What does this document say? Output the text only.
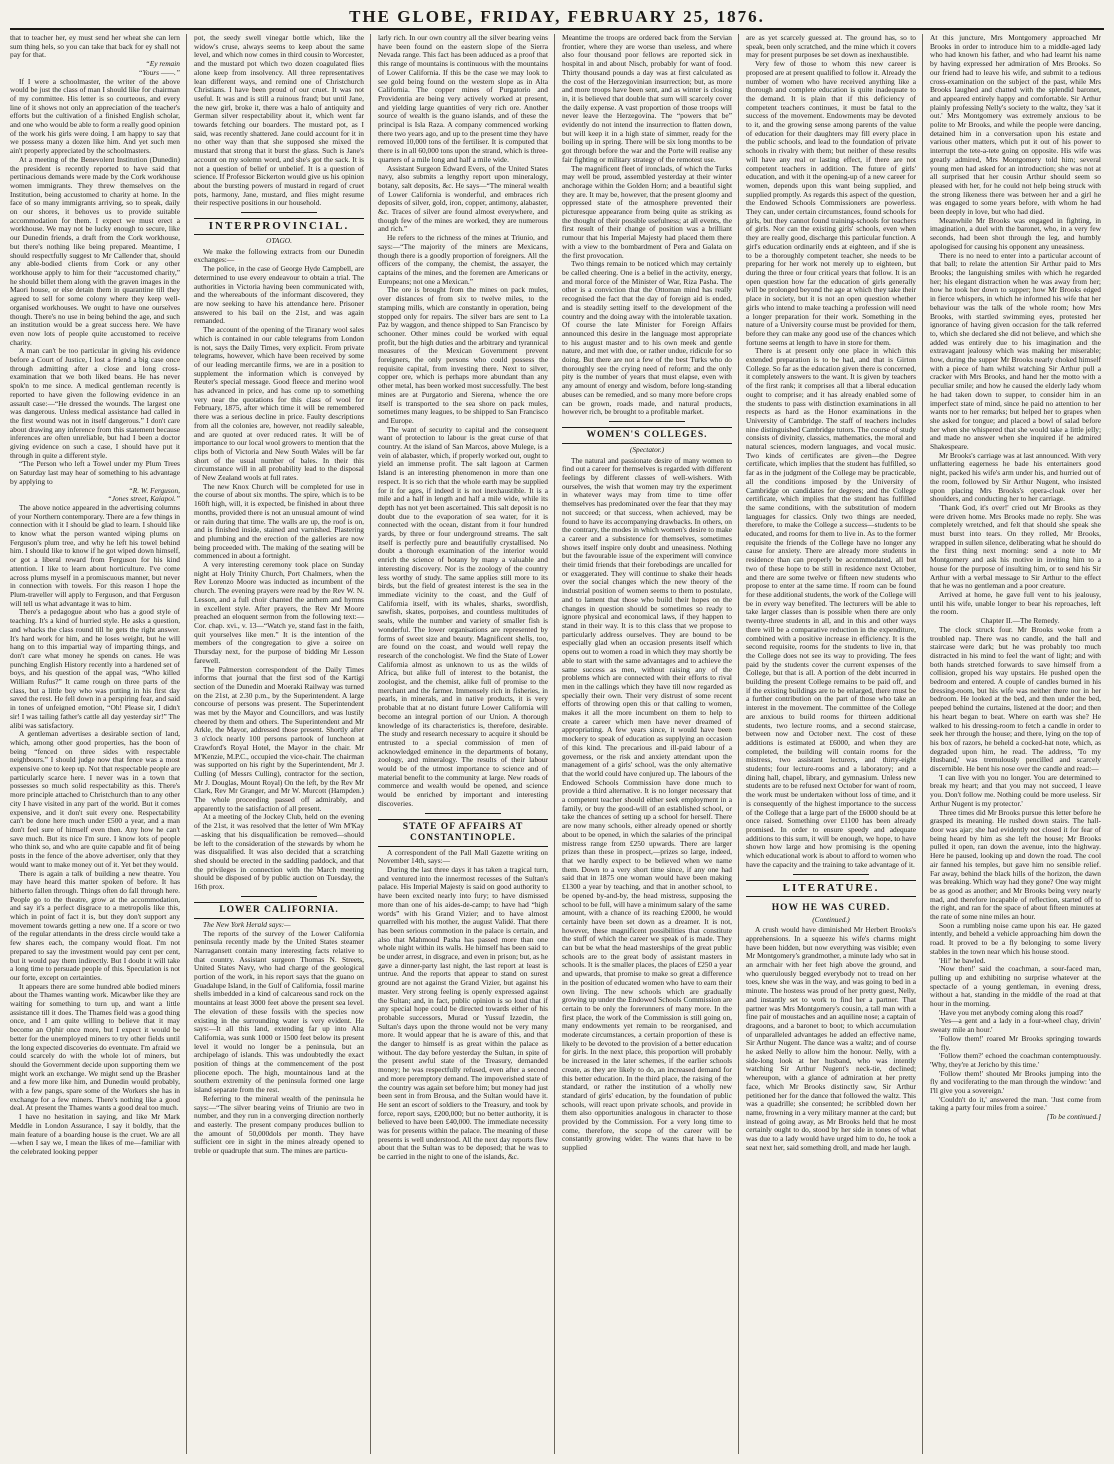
THE GLOBE, FRIDAY, FEBRUARY 25, 1876.

that to teacher her, ey must send her wheat she can lern sum thing hels, so you can take that back for ey shall not pay for that.

“Ey remain

“Yours ——.”

If I were a schoolmaster, the writer of the above would be just the class of man I should like for chairman of my committee. His letter is so courteous, and every line of it shows not only an appreciation of the teacher's efforts but the cultivation of a finished English scholar, and one who would be able to form a really good opinion of the work his girls were doing. I am happy to say that we possess many a dozen like him. And yet such men ain't properly appreciated by the schoolmasters.

At a meeting of the Benevolent Institution (Dunedin) the president is recently reported to have said that pertinacious demands were made by the Cork workhouse women immigrants. They threw themselves on the Institution, being accustomed to charity at home. In the face of so many immigrants arriving, so to speak, daily on our shores, it behoves us to provide suitable accommodation for them. I expect we must erect a workhouse. We may not be lucky enough to secure, like our Dunedin friends, a draft from the Cork workhouse, but there's nothing like being prepared. Meantime, I should respectfully suggest to Mr Callender that, should any able-bodied clients from Cork or any other workhouse apply to him for their “accustomed charity,” he should billet them along with the graven images in the Maori house, or else detain them in quarantine till they agreed to sell for some colony where they keep well-organised workhouses. We ought to have one ourselves though. There's no use in being behind the age, and such an institution would be a great success here. We have even now lots of people quite accustomed to receive charity.

A man can't be too particular in giving his evidence before a Court of Justice, I lost a friend a big case once through admitting after a close and long cross-examination that we both liked beans. He has never spok'n to me since. A medical gentleman recently is reported to have given the following evidence in an assault case:—“He dressed the wounds. The largest one was dangerous. Unless medical assistance had called in the first wound was not in itself dangerous.” I don't care about drawing any inference from this statement because inferences are often unreliable, but had I been a doctor giving evidence on such a case, I should have put it through in quite a different style.

“The Person who left a Towel under my Plum Trees on Saturday last may hear of something to his advantage by applying to

“R. W. Ferguson,

“Jones street, Kaiapoi.”

The above notice appeared in the advertising columns of your Northern contemporary. There are a few things in connection with it I should be glad to learn. I should like to know what the person wanted wiping plums on Ferguson's plum tree, and why he left his towel behind him. I should like to know if he got wiped down himself, or got a liberal reward from Ferguson for his kind attention. I like to learn about horticulture. I've come across plums myself in a promiscuous manner, but never in connection with towels. For this reason I hope the Plum-traveller will apply to Ferguson, and that Ferguson will tell us what advantage it was to him.

There's a pedagogue about who has a good style of teaching. It's a kind of hurried style. He asks a question, and whacks the class round till he gets the right answer. It's hard work for him, and he loses weight, but he will hang on to this impartial way of imparting things, and don't care what money he spends on canes. He was punching English History recently into a hardened set of boys, and his question of the appal was, “Who killed William Rufus?” It came rough on three parts of the class, but a little boy who was putting in his first day saved the rest. He fell down in a perspiring fear, and said in tones of unfeigned emotion, “Oh! Please sir, I didn't sir! I was tailing father's cattle all day yesterday sir!” The alibi was satisfactory.

A gentleman advertises a desirable section of land, which, among other good properties, has the boon of being “fenced on three sides with respectable neighbours.” I should judge now that fence was a most expensive one to keep up. Not that respectable people are particularly scarce here. I never was in a town that possesses so much solid respectability as this. There's more principle attached to Christchurch than to any other city I have visited in any part of the world. But it comes expensive, and it don't suit every one. Respectability can't be done here much under £500 a year, and a man don't feel sure of himself even then. Any how he can't save much. But its nice I'm sure. I know lots of people who think so, and who are quite capable and fit of being posts in the fence of the above advertiser, only that they would want to make money out of it. Yet bet they would.

There is again a talk of building a new theatre. You may have heard this matter spoken of before. It has hitherto fallen through. Things often do fall through here. People go to the theatre, grow at the accommodation, and say it's a perfect disgrace to a metropolis like this, which in point of fact it is, but they don't support any movement towards getting a new one. If a score or two of the regular attendants in the dress circle would take a few shares each, the company would float. I'm not prepared to say the investment would pay cent per cent, but it would pay them indirectly. But I doubt it will take a long time to persuade people of this. Speculation is not our forte, except on certainties.

It appears there are some hundred able bodied miners about the Thames wanting work. Micawber like they are waiting for something to turn up, and want a little assistance till it does. The Thames field was a good thing once, and I am quite willing to believe that it may become an Ophir once more, but I expect it would be better for the unemployed miners to try other fields until the long expected discoveries do eventuate. I'm afraid we could scarcely do with the whole lot of miners, but should the Government decide upon supporting them we might work an exchange. We might send up the Brasher and a few more like him, and Dunedin would probably, with a few pangs, spare some of the Workers she has in exchange for a few miners. There's nothing like a good deal. At present the Thames wants a good deal too much.

I have no hesitation in saying, and like Mr Mark Meddle in London Assurance, I say it boldly, that the main feature of a boarding house is the cruet. We are all—when I say we, I mean the likes of me—familiar with the celebrated looking pepper

pot, the seedy swell vinegar bottle which, like the widow's cruse, always seems to keep about the same level, and which now comes in third cousin to Worcester, and the mustard pot which two dozen coagulated flies alone keep from insolvency. All three representatives lean different ways, and remind one of Christchurch Christians. I have been proud of our cruet. It was not useful. It was and is still a ruinous fraud; but until Jane, the new girl, broke it, there was a halo of antiquity and German silver respectability about it, which went far towards fetching our boarders. The mustard pot, as I said, was recently shattered. Jane could account for it in no other way than that she supposed she mixed the mustard that strong that it burst the glass. Such is Jane's account on my solemn word, and she's got the sack. It is not a question of belief or unbelief. It is a question of science. If Professor Bickerton would give us his opinion about the bursting powers of mustard in regard of cruet pots, harmony, Jane, mustard, and flies might resume their respective positions in our household.

INTERPROVINCIAL.
OTAGO.

We make the following extracts from our Dunedin exchanges:—

The police, in the case of George Hyde Campbell, are determined to use every endeavour to obtain a trial. The authorities in Victoria having been communicated with, and the whereabouts of the informant discovered, they are now seeking to have his attendance here. Prisoner answered to his bail on the 21st, and was again remanded.

The account of the opening of the Tiranary wool sales which is contained in our cable telegrams from London is not, says the Daily Times, very explicit. From private telegrams, however, which have been received by some of our leading mercantile firms, we are in a position to supplement the information which is conveyed by Reuter's special message. Good fleece and merino wool has advanced in price, and has come up to something very near the quotations for this class of wool for February, 1875, after which time it will be remembered there was a serious decline in price. Faulty descriptions from all the colonies are, however, not readily saleable, and are quoted at over reduced rates. It will be of importance to our local wool growers to mention that the clips both of Victoria and New South Wales will be far short of the usual number of bales. In their this circumstance will in all probability lead to the disposal of New Zealand wools at full rates.

The new Knox Church will be completed for use in the course of about six months. The spire, which is to be 160ft high, will, it is expected, be finished in about three months, provided there is not an unusual amount of wind or rain during that time. The walls are up, the roof is on, and is finished inside, stained and varnished. Plastering and plumbing and the erection of the galleries are now being proceeded with. The making of the seating will be commenced in about a fortnight.

A very interesting ceremony took place on Sunday night at Holy Trinity Church, Port Chalmers, when the Rev Lorenzo Moore was inducted as incumbent of the church. The evening prayers were read by the Rev W. N. Lesson, and a full choir chanted the anthem and hymns in excellent style. After prayers, the Rev Mr Moore preached an eloquent sermon from the following text:—Cor. chap. xvi., v. 13—“Watch ye, stand fast in the faith, quit yourselves like men.” It is the intention of the members of the congregation to give a soiree on Thursday next, for the purpose of bidding Mr Lesson farewell.

The Palmerston correspondent of the Daily Times informs that journal that the first sod of the Kartigi section of the Dunedin and Moeraki Railway was turned on the 21st, at 2.30 p.m., by the Superintendent. A large concourse of persons was present. The Superintendent was met by the Mayor and Councillors, and was lustily cheered by them and others. The Superintendent and Mr Arkle, the Mayor, addressed those present. Shortly after 3 o'clock nearly 100 persons partook of luncheon at Crawford's Royal Hotel, the Mayor in the chair. Mr M'Kenzie, M.P.C., occupied the vice-chair. The chairman was supported on his right by the Superintendent, Mr J. Culling (of Messrs Culling), contractor for the section, Mr J. Douglas, Mount Royal) On the left, by the Rev Mr Clark, Rev Mr Granger, and Mr W. Murcott (Hampden.) The whole proceeding passed off admirably, and apparently to the satisfaction of all present.

At a meeting of the Jockey Club, held on the evening of the 21st, it was resolved that the letter of Wm M'Kay—asking that his disqualification be removed—should be left to the consideration of the stewards by whom he was disqualified. It was also decided that a scratching shed should be erected in the saddling paddock, and that the privileges in connection with the March meeting should be disposed of by public auction on Tuesday, the 16th prox.

LOWER CALIFORNIA.

The New York Herald says:—

The reports of the survey of the Lower California peninsula recently made by the United States steamer Narragansett contain many interesting facts relative to that country. Assistant surgeon Thomas N. Streets, United States Navy, who had charge of the geological portion of the work, in his report says that the guano on Guadalupe Island, in the Gulf of California, fossil marine shells imbedded in a kind of calcareous sand rock on the mountains at least 3000 feet above the present sea level. The elevation of these fossils with the species now existing in the surrounding water is very evident. He says:—It all this land, extending far up into Alta California, was sunk 1000 or 1500 feet below its present level it would no longer be a peninsula, but an archipelago of islands. This was undoubtedly the exact position of things at the commencement of the post pliocene epoch. The high, mountainous land at the southern extremity of the peninsula formed one large island separate from the rest.

Referring to the mineral wealth of the peninsula he says:—“The silver bearing veins of Triunio are two in number, and they run in a converging direction northerly and easterly. The present company produces bullion to the amount of 50,000dols per month. They have sufficient ore in sight in the mines already opened to treble or quadruple that sum. The mines are particu-

larly rich. In our own country all the silver bearing veins have been found on the eastern slope of the Sierra Nevada range. This fact has been adduced as a proof that this range of mountains is continuous with the mountains of Lower California. If this be the case we may look to see gold being found on the western slope as in Alta California. The copper mines of Purgatorio and Providentia are being very actively worked at present, and yielding large quantities of very rich ore. Another source of wealth is the guano islands, and of these the principal is Isla Raza. A company commenced working there two years ago, and up to the present time they have removed 10,000 tons of the fertiliser. It is computed that there is in all 60,000 tons upon the strand, which is three-quarters of a mile long and half a mile wide.

Assistant Surgeon Edward Evers, of the United States navy, also submits a lengthy report upon mineralogy, botany, salt deposits, &c. He says—“The mineral wealth of Lower California is wonderful, and embraces rich deposits of silver, gold, iron, copper, antimony, alabaster, &c. Traces of silver are found almost everywhere, and though few of the mines are worked, they are numerous and rich.”

He refers to the richness of the mines at Triunio, and says:—“The majority of the miners are Mexicans, though there is a goodly proportion of foreigners. All the officers of the company, the chemist, the assayer, the captains of the mines, and the foremen are Americans or Europeans; not one a Mexican.”

The ore is brought from the mines on pack mules, over distances of from six to twelve miles, to the stamping mills, which are constantly in operation, being stopped only for repairs. The silver bars are sent to La Paz by waggon, and thence shipped to San Francisco by schooner. Other mines could be worked with equal profit, but the high duties and the arbitrary and tyrannical measures of the Mexican Government prevent foreigners, the only persons who could possess the requisite capital, from investing there. Next to silver, copper ore, which is perhaps more abundant than any other metal, has been worked most successfully. The best mines are at Purgatorio and Sierena, whence the ore itself is transported to the sea shore on pack mules, sometimes many leagues, to be shipped to San Francisco and Europe.

The want of security to capital and the consequent want of protection to labour is the great curse of that country. At the island of San Marcos, above Mulege, is a vein of alabaster, which, if properly worked out, ought to yield an immense profit. The salt lagoon at Carmen Island is an interesting phenomenon in more than one respect. It is so rich that the whole earth may be supplied for it for ages, if indeed it is not inexhaustible. It is a mile and a half in length and half a mile wide, while its depth has not yet been ascertained. This salt deposit is no doubt due to the evaporation of sea water, for it is connected with the ocean, distant from it four hundred yards, by three or four underground streams. The salt itself is perfectly pure and beautifully crystallised. No doubt a thorough examination of the interior would enrich the science of botany by many a valuable and interesting discovery. Nor is the zoology of the country less worthy of study. The same applies still more to its birds, but the field of greatest interest is the sea in the immediate vicinity to the coast, and the Gulf of California itself, with its whales, sharks, swordfish, sawfish, skates, porpoises, and countless multitudes of seals, while the number and variety of smaller fish is wonderful. The lower organisations are represented by forms of sweet size and beauty. Magnificent shells, too, are found on the coast, and would well repay the research of the conchologist. We find the State of Lower California almost as unknown to us as the wilds of Africa, but alike full of interest to the botanist, the zoologist, and the chemist, alike full of promise to the merchant and the farmer. Immensely rich in fisheries, in pearls, in minerals, and in native products, it is very probable that at no distant future Lower California will become an integral portion of our Union. A thorough knowledge of its characteristics is, therefore, desirable. The study and research necessary to acquire it should be entrusted to a special commission of men of acknowledged eminence in the departments of botany, zoology, and mineralogy. The results of their labour would be of the utmost importance to science and of material benefit to the community at large. New roads of commerce and wealth would be opened, and science would be enriched by important and interesting discoveries.

STATE OF AFFAIRS AT CONSTANTINOPLE.

A correspondent of the Pall Mall Gazette writing on November 14th, says:—

During the last three days it has taken a tragical turn, and ventured into the innermost recesses of the Sultan's palace. His Imperial Majesty is said on good authority to have been excited nearly into fury; to have dismissed more than one of his aides-de-camp; to have had “high words” with his Grand Vizier; and to have almost quarrelled with his mother, the august Validé. That there has been serious commotion in the palace is certain, and also that Mahmoud Pasha has passed more than one whole night within its walls. He himself has been said to be under arrest, in disgrace, and even in prison; but, as he gave a dinner-party last night, the last report at least is untrue. And the reports that appear to stand on surest ground are not against the Grand Vizier, but against his master. Very strong feeling is openly expressed against the Sultan; and, in fact, public opinion is so loud that if any special hope could be directed towards either of his probable successors, Murad or Yussuf Izzedin, the Sultan's days upon the throne would not be very many more. It would appear that he is aware of this, and that the danger to himself is as great within the palace as without. The day before yesterday the Sultan, in spite of the present awful state of the Treasury, demanded money; he was respectfully refused, even after a second and more peremptory demand. The impoverished state of the country was again set before him; but money had just been sent in from Brousa, and the Sultan would have it. He sent an escort of soldiers to the Treasury, and took by force, report says, £200,000; but no better authority, it is believed to have been £40,000. The immediate necessity was for presents within the palace. The meaning of these presents is well understood. All the next day reports flew about that the Sultan was to be deposed; that he was to be carried in the night to one of the islands, &c.

Meantime the troops are ordered back from the Servian frontier, where they are worse than useless, and where also four thousand poor fellows are reported sick in hospital in and about Nisch, probably for want of food. Thirty thousand pounds a day was at first calculated as the cost of the Herzegovinian insurrection; but, as more and more troops have been sent, and as winter is closing in, it is believed that double that sum will scarcely cover the daily expense. A vast proportion of those troops will never leave the Herzegovina. The “powers that be” evidently do not intend the insurrection to flatten down, but will keep it in a high state of simmer, ready for the boiling up in spring. There will be six long months to be got through before the war and the Porte will realise any fair fighting or military strategy of the remotest use.

The magnificent fleet of ironclads, of which the Turks may well be proud, assembled yesterday at their winter anchorage within the Golden Horn; and a beautiful sight they are. It may be, however, that the present gloomy and oppressed state of the atmosphere prevented their picturesque appearance from being quite as striking as the thought of their possible usefulness; at all events, the first result of their change of position was a brilliant rumour that his Imperial Majesty had placed them there with a view to the bombardment of Pera and Galata on the first provocation.

Two things remain to be noticed which may certainly be called cheering. One is a belief in the activity, energy, and moral force of the Minister of War, Riza Pasha. The other is a conviction that the Ottoman mind has really recognised the fact that the day of foreign aid is ended, and is steadily setting itself to the development of the country and the doing away with the intolerable taxation. Of course the late Minister for Foreign Affairs announced this desire in the language most appropriate to his august master and to his own meek and gentle nature, and met with due, or rather undue, ridicule for so doing. But there are not a few of the best Turks who do thoroughly see the crying need of reform; and the only pity is the number of years that must elapse, even with any amount of energy and wisdom, before long-standing abuses can be remedied, and so many more before crops can be grown, roads made, and natural products, however rich, be brought to a profitable market.

WOMEN'S COLLEGES.
(Spectator.)

The natural and passionate desire of many women to find out a career for themselves is regarded with different feelings by different classes of well-wishers. With ourselves, the wish that women may try the experiment in whatever ways may from time to time offer themselves has predominated over the fear that they may not succeed; or that success, when achieved, may be found to have its accompanying drawbacks. In others, on the contrary, the modes in which women's desire to make a career and a subsistence for themselves, sometimes shows itself inspire only doubt and uneasiness. Nothing but the favourable issue of the experiment will convince their timid friends that their forebodings are uncalled for or exaggerated. They will continue to shake their heads over the social changes which the new theory of the industrial position of women seems to them to postulate, and to lament that those who build their hopes on the changes in question should be sometimes so ready to ignore physical and economical laws, if they happen to stand in their way. It is to this class that we propose to particularly address ourselves. They are bound to be especially glad when an occasion presents itself which opens out to women a road in which they may shortly be able to start with the same advantages and to achieve the same success as men, without raising any of the problems which are connected with their efforts to rival men in the callings which they have till now regarded as specially their own. Their very distrust of some recent efforts of throwing open this or that calling to women, makes it all the more incumbent on them to help to create a career which men have never dreamed of appropriating. A few years since, it would have been mockery to speak of education as supplying an occasion of this kind. The precarious and ill-paid labour of a governess, or the risk and anxiety attendant upon the management of a girls' school, was the only alternative that the world could have conjured up. The labours of the Endowed Schools Commission have done much to provide a third alternative. It is no longer necessary that a competent teacher should either seek employment in a family, or buy the good-will of an established school, or take the chances of setting up a school for herself. There are now many schools, either already opened or shortly about to be opened, in which the salaries of the principal mistress range from £250 upwards. There are larger prizes than these in prospect,—prizes so large, indeed, that we hardly expect to be believed when we name them. Down to a very short time since, if any one had said that in 1875 one woman would have been making £1300 a year by teaching, and that in another school, to be opened by-and-by, the head mistress, supposing the school to be full, will have a minimum salary of the same amount, with a chance of its reaching £2000, he would certainly have been set down as a dreamer. It is not, however, these magnificent possibilities that constitute the stuff of which the career we speak of is made. They can but be what the head masterships of the great public schools are to the great body of assistant masters in schools. It is the smaller places, the places of £250 a year and upwards, that promise to make so great a difference in the position of educated women who have to earn their own living. The new schools which are gradually growing up under the Endowed Schools Commission are certain to be only the forerunners of many more. In the first place, the work of the Commission is still going on, many endowments yet remain to be reorganised, and moderate circumstances, a certain proportion of these is likely to be devoted to the provision of a better education for girls. In the next place, this proportion will probably be increased in the later schemes, if the earlier schools create, as they are likely to do, an increased demand for this better education. In the third place, the raising of the standard, or rather the institution of a wholly new standard of girls' education, by the foundation of public schools, will react upon private schools, and provide in them also opportunities analogous in character to those provided by the Commission. For a very long time to come, therefore, the scope of the career will be constantly growing wider. The wants that have to be supplied

are as yet scarcely guessed at. The ground has, so to speak, been only scratched, and the mine which it covers may for present purposes be set down as inexhaustible.

Very few of those to whom this new career is proposed are at present qualified to follow it. Already the number of women who have received anything like a thorough and complete education is quite inadequate to the demand. It is plain that if this deficiency of competent teachers continues, it must be fatal to the success of the movement. Endowments may be devoted to it, and the growing sense among parents of the value of education for their daughters may fill every place in the public schools, and lead to the foundation of private schools in rivalry with them; but neither of these results will have any real or lasting effect, if there are not competent teachers in addition. The future of girls' education, and with it the opening-up of a new career for women, depends upon this want being supplied, and supplied promptly. As regards this aspect of the question, the Endowed Schools Commissioners are powerless. They can, under certain circumstances, found schools for girls, but they cannot found training-schools for teachers of girls. Nor can the existing girls' schools, even when they are really good, discharge this particular function. A girl's education ordinarily ends at eighteen, and if she is to be a thoroughly competent teacher, she needs to be preparing for her work not merely up to eighteen, but during the three or four critical years that follow. It is an open question how far the education of girls generally will be prolonged beyond the age at which they take their place in society, but it is not an open question whether girls who intend to make teaching a profession will need a longer preparation for their work. Something in the nature of a University course must be provided for them, before they can make any good use of the chances which fortune seems at length to have in store for them.

There is at present only one place in which this extended preparation is to be had, and that is Girton College. So far as the education given there is concerned, it completely answers to the want. It is given by teachers of the first rank; it comprises all that a liberal education ought to comprise; and it has already enabled some of the students to pass with distinction examinations in all respects as hard as the Honor examinations in the University of Cambridge. The staff of teachers includes nine distinguished Cambridge tutors. The course of study consists of divinity, classics, mathematics, the moral and natural sciences, modern languages, and vocal music. Two kinds of certificates are given—the Degree certificate, which implies that the student has fulfilled, so far as in the judgment of the College may be practicable, all the conditions imposed by the University of Cambridge on candidates for degrees; and the College certificate, which implies that the student has fulfilled the same conditions, with the substitution of modern languages for classics. Only two things are needed, therefore, to make the College a success—students to be educated, and rooms for them to live in. As to the former requisite the friends of the College have no longer any cause for anxiety. There are already more students in residence than can properly be accommodated, all but two of these hope to be still in residence next October, and there are some twelve or fifteen new students who propose to enter at the same time. If room can be found for these additional students, the work of the College will be in every way benefited. The lecturers will be able to take larger classes than is possible when there are only twenty-three students in all, and in this and other ways there will be a comparative reduction in the expenditure, combined with a positive increase in efficiency. It is the second requisite, rooms for the students to live in, that the College does not see its way to providing. The fees paid by the students cover the current expenses of the College, but that is all. A portion of the debt incurred in building the present College remains to be paid off, and if the existing buildings are to be enlarged, there must be a further contribution on the part of those who take an interest in the movement. The committee of the College are anxious to build rooms for thirteen additional students, two lecture rooms, and a second staircase, between now and October next. The cost of these additions is estimated at £6000, and when they are completed, the building will contain rooms for the mistress, two assistant lecturers, and thirty-eight students; four lecture-rooms and a laboratory; and a dining hall, chapel, library, and gymnasium. Unless new students are to be refused next October for want of room, the work must be undertaken without loss of time, and it is consequently of the highest importance to the success of the College that a large part of the £6000 should be at once raised. Something over £1100 has been already promised. In order to ensure speedy and adequate additions to this sum, it will be enough, we hope, to have shown how large and how promising is the opening which educational work is about to afford to women who have the capacity and the training to take advantage of it.

LITERATURE.
HOW HE WAS CURED.
(Continued.)

A crush would have diminished Mr Herbert Brooks's apprehensions. In a squeeze his wife's charms might have been hidden, but now everything was visible; even Mr Montgomery's grandmother, a minute lady who sat in an armchair with her feet high above the ground, and who querulously begged everybody not to tread on her toes, knew she was in the way, and was going to bed in a minute. The hostess was proud of her pretty guest, Nelly, and instantly set to work to find her a partner. That partner was Mrs Montgomery's cousin, a tall man with a fine pair of moustaches and an aquiline nose; a captain of dragoons, and a baronet to boot; to which accumulation of unparalleled advantages he added an effective name, Sir Arthur Nugent. The dance was a waltz; and of course he asked Nelly to allow him the honour. Nelly, with a side-long look at her husband, who was intently watching Sir Arthur Nugent's neck-tie, declined; whereupon, with a glance of admiration at her pretty face, which Mr Brooks distinctly saw, Sir Arthur petitioned her for the dance that followed the waltz. This was a quadrille; she consented; he scribbled down her name, frowning in a very military manner at the card; but instead of going away, as Mr Brooks held that he most certainly ought to do, stood by her side in tones of what was due to a lady would have urged him to do, he took a seat next her, said something droll, and made her laugh.

At this juncture, Mrs Montgomery approached Mr Brooks in order to introduce him to a middle-aged lady who had known his father, and who had learnt his name by having expressed her admiration of Mrs Brooks. So our friend had to leave his wife, and submit to a tedious cross-examination on the subject of the past, while Mrs Brooks laughed and chatted with the splendid baronet, and appeared entirely happy and comfortable. Sir Arthur plainly professing Nelly's society to the waltz, they 'sat it out.' Mrs Montgomery was extremely anxious to be polite to Mr Brooks, and while the people were dancing, detained him in a conversation upon his estate and various other matters, which put it out of his power to interrupt the tete-a-tete going on opposite. His wife was greatly admired, Mrs Montgomery told him; several young men had asked for an introduction; she was not at all surprised that her cousin Arthur should seem so pleased with her, for he could not help being struck with the strong likeness there was between her and a girl he was engaged to some years before, with whom he had been deeply in love, but who had died.

Meanwhile Mr Brooks was engaged in fighting, in imagination, a duel with the baronet, who, in a very few seconds, had been shot through the leg, and humbly apologised for causing his opponent any uneasiness.

There is no need to enter into a particular account of that ball; to relate the attention Sir Arthur paid to Mrs Brooks; the languishing smiles with which he regarded her; his elegant distraction when he was away from her; how he took her down to supper; how Mr Brooks edged in fierce whispers, in which he informed his wife that her behaviour was the talk of the whole room; how Mrs Brooks, with startled swimming eyes, protested her ignorance of having given occasion for the talk referred to, which she declared she did not believe, and which she added was entirely due to his imagination and the extravagant jealousy which was making her miserable; how, during the supper Mr Brooks nearly choked himself with a piece of ham whilst watching Sir Arthur pull a cracker with Mrs Brooks, and hand her the motto with a peculiar smile; and how he caused the elderly lady whom he had taken down to supper, to consider him in an imperfect state of mind, since he paid no attention to her wants nor to her remarks; but helped her to grapes when she asked for tongue; and placed a bowl of salad before her when she whispered that she would take a little jelly; and made no answer when she inquired if he admired Shakespeare.

Mr Brooks's carriage was at last announced. With very unflattering eagerness he bade his entertainers good night, packed his wife's arm under his, and hurried out of the room, followed by Sir Arthur Nugent, who insisted upon placing Mrs Brooks's opera-cloak over her shoulders, and conducting her to her carriage.

'Thank God, it's over!' cried out Mr Brooks as they were driven home. Mrs Brooks made no reply. She was completely wretched, and felt that should she speak she must burst into tears. On they rolled, Mr Brooks, wrapped in sullen silence, deliberating what he should do the first thing next morning: send a note to Mr Montgomery and ask his motive in inviting him to a house for the purpose of insulting him, or to send his Sir Arthur with a verbal message to Sir Arthur to the effect that he was no gentleman and a poor creature.

Arrived at home, he gave full vent to his jealousy, until his wife, unable longer to bear his reproaches, left the room.

Chapter II.—The Remedy.

The clock struck four. Mr Brooks woke from a troubled nap. There was no candle, and the hall and staircase were dark; but he was probably too much distracted in his mind to feel the want of light; and with both hands stretched forwards to save himself from a collision, groped his way upstairs. He pushed open the bedroom and entered. A couple of candles burned in his dressing-room, but his wife was neither there nor in her bedroom. He looked at the bed, and then under the bed, peeped behind the curtains, listened at the door; and then his heart began to beat. Where on earth was she? He walked to his dressing-room to fetch a candle in order to seek her through the house; and there, lying on the top of his box of razors, he beheld a cocked-hat note, which, as degraded upon him, he read. The address, 'To my Husband,' was tremulously pencilled and scarcely discernible. He bent his nose over the candle and read:—

'I can live with you no longer. You are determined to break my heart; and that you may not succeed, I leave you. Don't follow me. Nothing could be more useless. Sir Arthur Nugent is my protector.'

Three times did Mr Brooks pursue this letter before he grasped its meaning. He rushed down stairs. The hall-door was ajar; she had evidently not closed it for fear of being heard by him as she left the house; Mr Brooks pulled it open, ran down the avenue, into the highway. Here he paused, looking up and down the road. The cool air fanned his temples, but gave him no sensible relief. Far away, behind the black hills of the horizon, the dawn was breaking. Which way had they gone? One way might be as good as another; and Mr Brooks being very nearly mad, and therefore incapable of reflection, started off to the right, and ran for the space of about fifteen minutes at the rate of some nine miles an hour.

Soon a rumbling noise came upon his ear. He gazed intently, and beheld a vehicle approaching him down the road. It proved to be a fly belonging to some livery stables in the town near which his house stood.

'Hi!' he bawled.

'Now then!' said the coachman, a sour-faced man, pulling up and exhibiting no surprise whatever at the spectacle of a young gentleman, in evening dress, without a hat, standing in the middle of the road at that hour in the morning.

'Have you met anybody coming along this road?'

'Yes—a gent and a lady in a four-wheel chay, drivin' sweaty mile an hour.'

'Follow them!' roared Mr Brooks springing towards the fly.

'Follow them?' echoed the coachman contemptuously. 'Why, they're at Jericho by this time.'

'Follow them!' shouted Mr Brooks jumping into the fly and vociferating to the man through the window: 'and I'll give you a sovereign.'

'Couldn't do it,' answered the man. 'Just come from taking a party four miles from a soiree.'

[To be continued.]
